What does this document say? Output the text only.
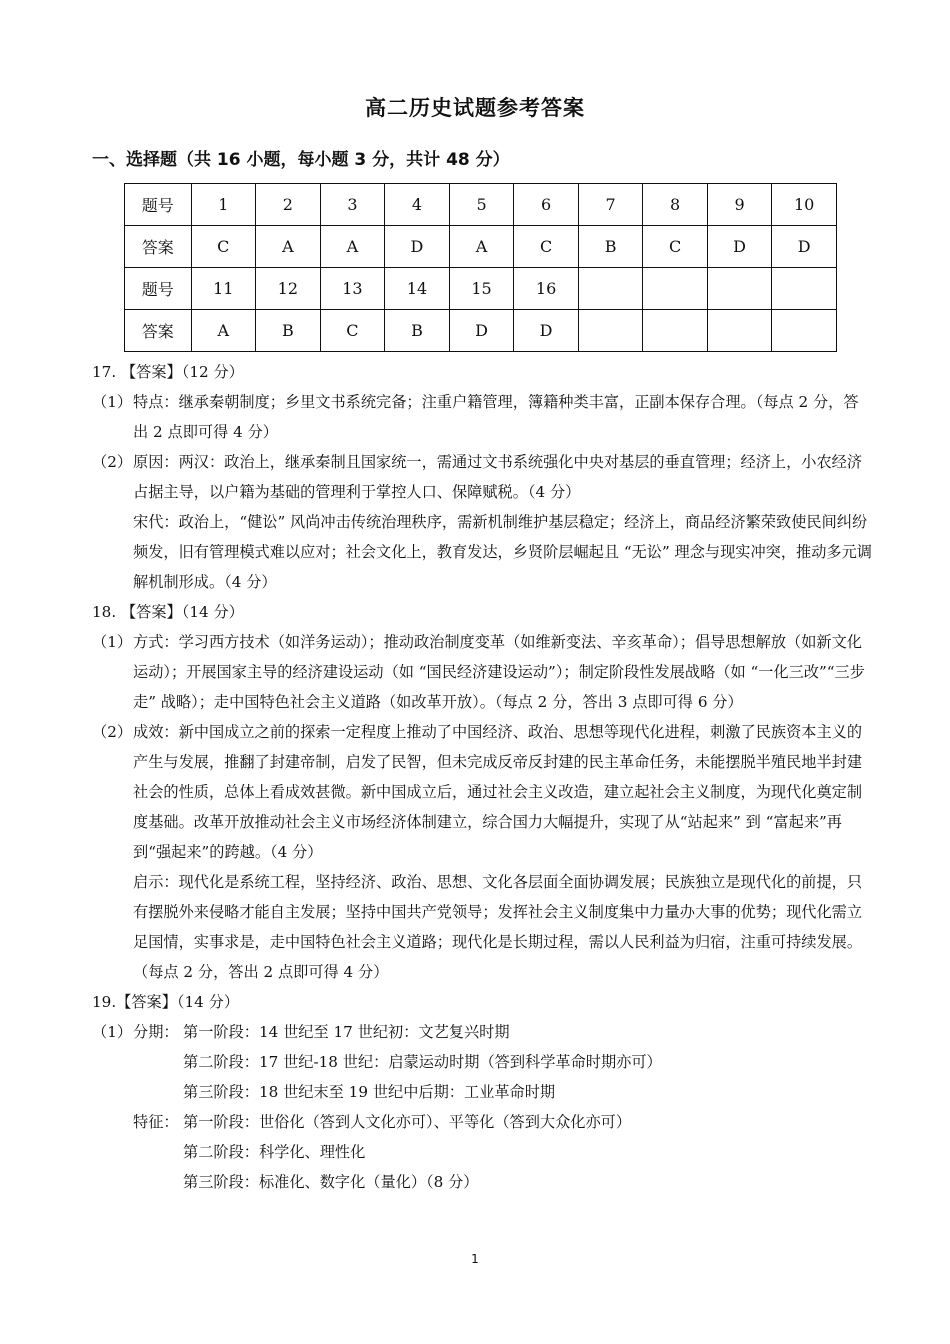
高二历史试题参考答案
一、选择题（共 16 小题，每小题 3 分，共计 48 分）
题号	1	2	3	4	5	6	7	8	9	10
答案	C	A	A	D	A	C	B	C	D	D
题号	11	12	13	14	15	16				
答案	A	B	C	B	D	D				

17. 【答案】（12 分）

（1） 特点：继承秦朝制度；乡里文书系统完备；注重户籍管理，簿籍种类丰富，正副本保存合理。（每点 2 分，答出 2 点即可得 4 分）
（2） 原因：两汉：政治上，继承秦制且国家统一，需通过文书系统强化中央对基层的垂直管理；经济上，小农经济占据主导，以户籍为基础的管理利于掌控人口、保障赋税。（4 分）

宋代：政治上，“健讼” 风尚冲击传统治理秩序，需新机制维护基层稳定；经济上，商品经济繁荣致使民间纠纷频发，旧有管理模式难以应对；社会文化上，教育发达，乡贤阶层崛起且 “无讼” 理念与现实冲突，推动多元调解机制形成。（4 分）

18. 【答案】（14 分）

（1） 方式：学习西方技术（如洋务运动）；推动政治制度变革（如维新变法、辛亥革命）；倡导思想解放（如新文化运动）；开展国家主导的经济建设运动（如 “国民经济建设运动”）；制定阶段性发展战略（如 “一化三改”“三步走” 战略）；走中国特色社会主义道路（如改革开放）。（每点 2 分，答出 3 点即可得 6 分）
（2） 成效：新中国成立之前的探索一定程度上推动了中国经济、政治、思想等现代化进程，刺激了民族资本主义的产生与发展，推翻了封建帝制，启发了民智，但未完成反帝反封建的民主革命任务，未能摆脱半殖民地半封建社会的性质，总体上看成效甚微。新中国成立后，通过社会主义改造，建立起社会主义制度，为现代化奠定制度基础。改革开放推动社会主义市场经济体制建立，综合国力大幅提升，实现了从“站起来” 到 “富起来”再到“强起来”的跨越。（4 分）

启示：现代化是系统工程，坚持经济、政治、思想、文化各层面全面协调发展；民族独立是现代化的前提，只有摆脱外来侵略才能自主发展；坚持中国共产党领导；发挥社会主义制度集中力量办大事的优势；现代化需立足国情，实事求是，走中国特色社会主义道路；现代化是长期过程，需以人民利益为归宿，注重可持续发展。（每点 2 分，答出 2 点即可得 4 分）

19.【答案】（14 分）

（1） 分期： 第一阶段：14 世纪至 17 世纪初：文艺复兴时期

第二阶段：17 世纪-18 世纪：启蒙运动时期（答到科学革命时期亦可）

第三阶段：18 世纪末至 19 世纪中后期：工业革命时期

特征： 第一阶段：世俗化（答到人文化亦可）、平等化（答到大众化亦可）

第二阶段：科学化、理性化

第三阶段：标准化、数字化（量化）（8 分）

1
